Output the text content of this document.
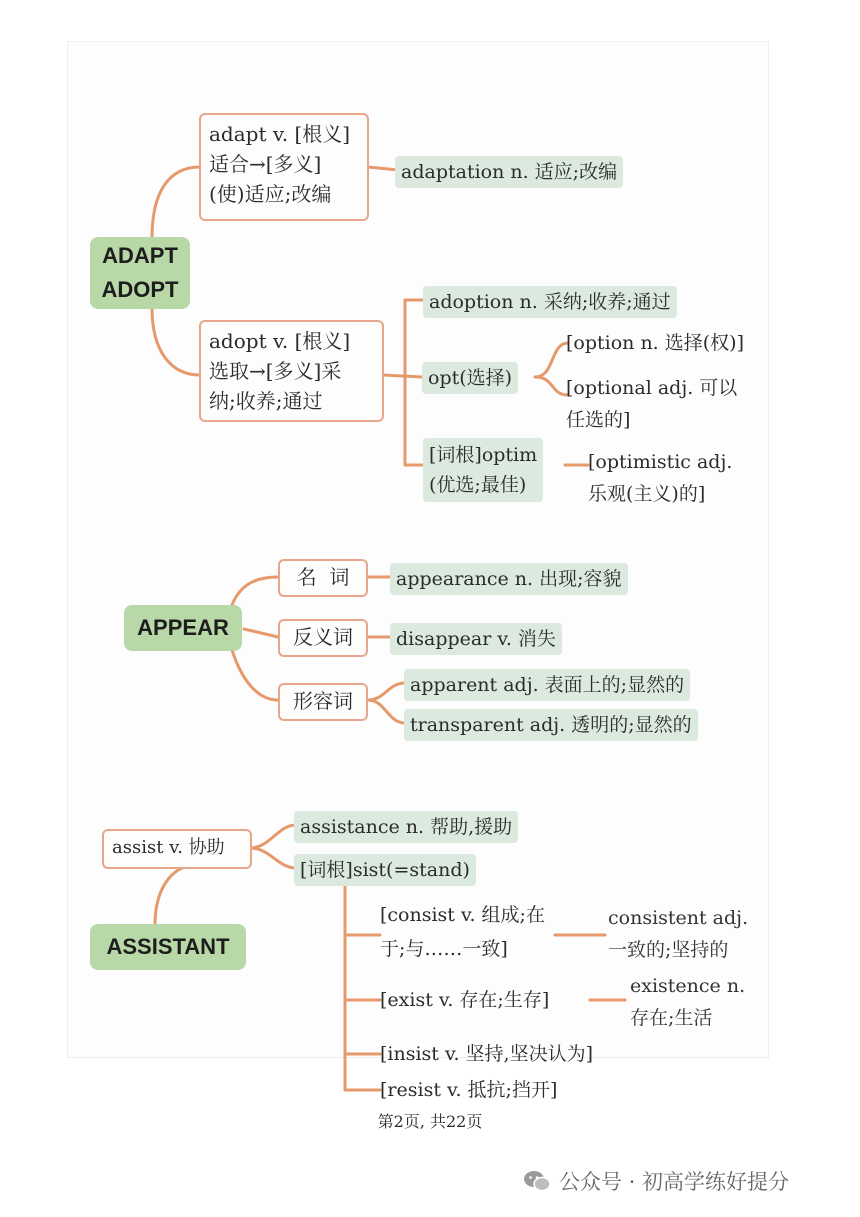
ADAPT
ADOPT
adapt v. [根义]
适合→[多义]
(使)适应;改编
adaptation n. 适应;改编
adopt v. [根义]
选取→[多义]采
纳;收养;通过
adoption n. 采纳;收养;通过
opt(选择)
[option n. 选择(权)]
[optional adj. 可以
任选的]
[词根]optim
(优选;最佳)
[optimistic adj.
乐观(主义)的]
APPEAR
名  词
反义词
形容词
appearance n. 出现;容貌
disappear v. 消失
apparent adj. 表面上的;显然的
transparent adj. 透明的;显然的
assist v. 协助
ASSISTANT
assistance n. 帮助,援助
[词根]sist(=stand)
[consist v. 组成;在
于;与……一致]
consistent adj.
一致的;坚持的
[exist v. 存在;生存]
existence n.
存在;生活
[insist v. 坚持,坚决认为]
[resist v. 抵抗;挡开]
第2页, 共22页
公众号 · 初高学练好提分
